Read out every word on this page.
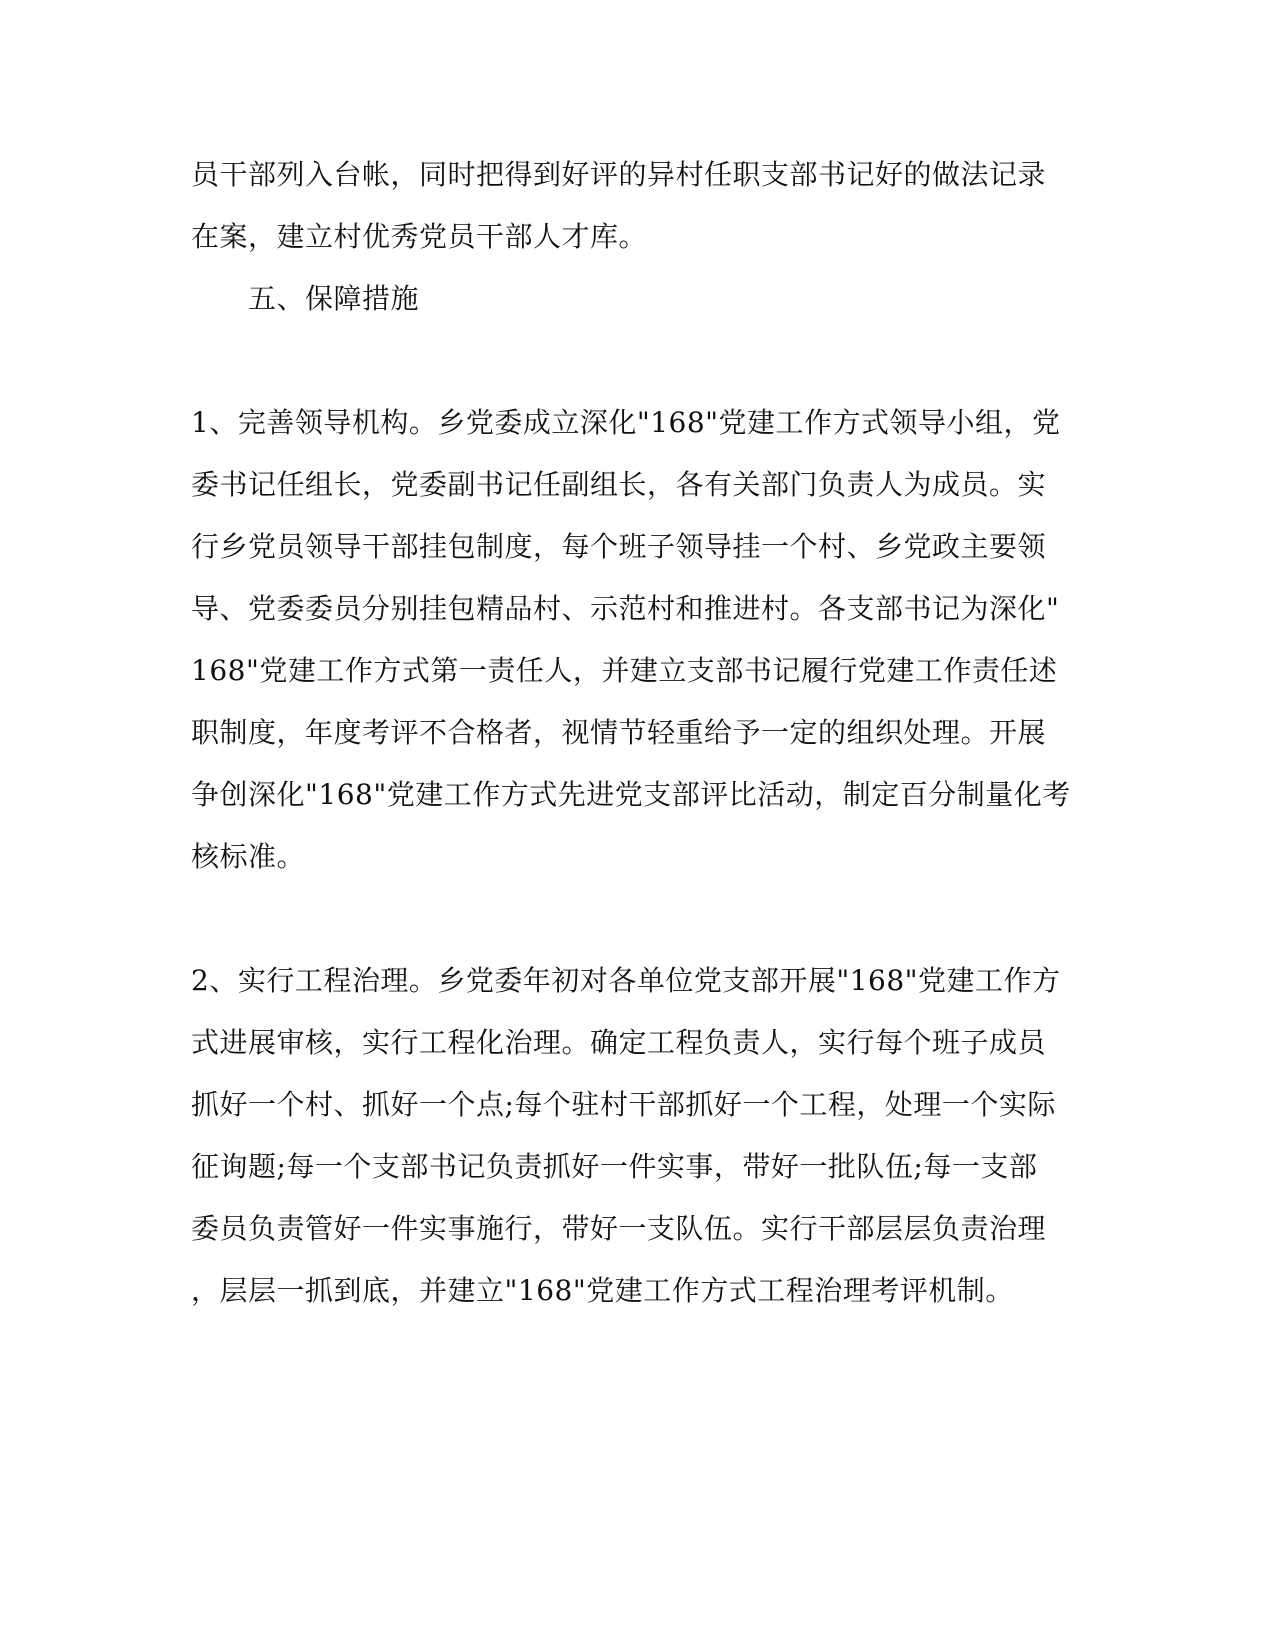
员干部列入台帐，同时把得到好评的异村任职支部书记好的做法记录
在案，建立村优秀党员干部人才库。
五、保障措施
1、完善领导机构。乡党委成立深化"168"党建工作方式领导小组，党
委书记任组长，党委副书记任副组长，各有关部门负责人为成员。实
行乡党员领导干部挂包制度，每个班子领导挂一个村、乡党政主要领
导、党委委员分别挂包精品村、示范村和推进村。各支部书记为深化"
168"党建工作方式第一责任人，并建立支部书记履行党建工作责任述
职制度，年度考评不合格者，视情节轻重给予一定的组织处理。开展
争创深化"168"党建工作方式先进党支部评比活动，制定百分制量化考
核标准。
2、实行工程治理。乡党委年初对各单位党支部开展"168"党建工作方
式进展审核，实行工程化治理。确定工程负责人，实行每个班子成员
抓好一个村、抓好一个点;每个驻村干部抓好一个工程，处理一个实际
征询题;每一个支部书记负责抓好一件实事，带好一批队伍;每一支部
委员负责管好一件实事施行，带好一支队伍。实行干部层层负责治理
，层层一抓到底，并建立"168"党建工作方式工程治理考评机制。
